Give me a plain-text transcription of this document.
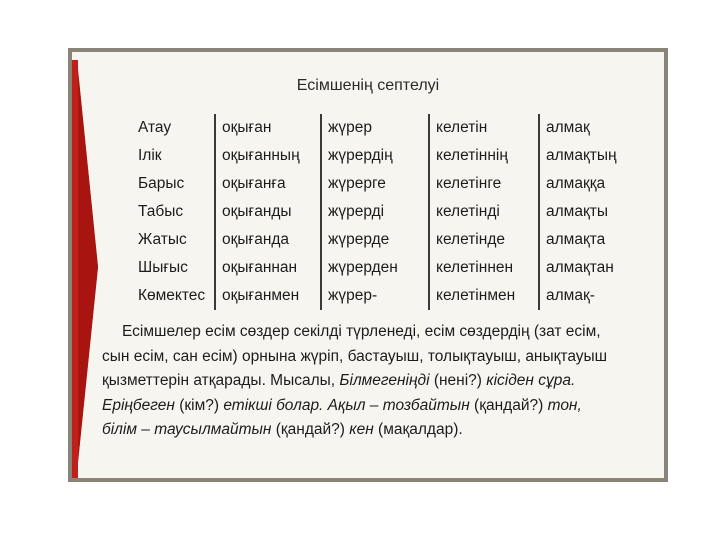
Есімшенің септелуі
Атау	оқыған	жүрер	келетін	алмақ
Ілік	оқығанның	жүрердің	келетіннің	алмақтың
Барыс	оқығанға	жүрерге	келетінге	алмаққа
Табыс	оқығанды	жүрерді	келетінді	алмақты
Жатыс	оқығанда	жүрерде	келетінде	алмақта
Шығыс	оқығаннан	жүрерден	келетіннен	алмақтан
Көмектес	оқығанмен	жүрер-	келетінмен	алмақ-
Есімшелер есім сөздер секілді түрленеді, есім сөздердің (зат есім,
сын есім, сан есім) орнына жүріп, бастауыш, толықтауыш, анықтауыш
қызметтерін атқарады. Мысалы, Білмегеніңді (нені?) кісіден сұра.
Еріңбеген (кім?) етікші болар. Ақыл – тозбайтын (қандай?) тон,
білім – таусылмайтын (қандай?) кен (мақалдар).
